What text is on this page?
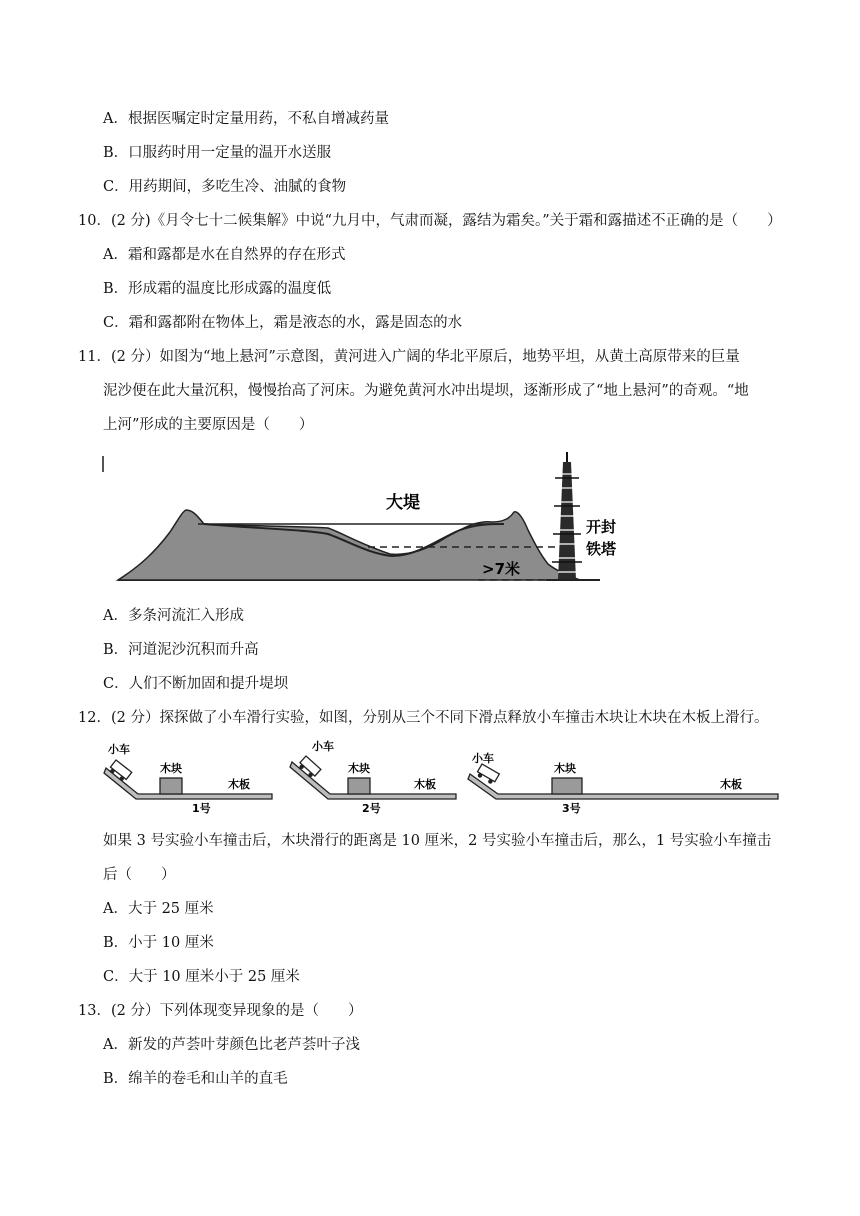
A．根据医嘱定时定量用药，不私自增减药量
B．口服药时用一定量的温开水送服
C．用药期间，多吃生冷、油腻的食物
10．(2 分)《月令七十二候集解》中说“九月中，气肃而凝，露结为霜矣。”关于霜和露描述不正确的是（　　）
A．霜和露都是水在自然界的存在形式
B．形成霜的温度比形成露的温度低
C．霜和露都附在物体上，霜是液态的水，露是固态的水
11．(2 分）如图为“地上悬河”示意图，黄河进入广阔的华北平原后，地势平坦，从黄土高原带来的巨量
泥沙便在此大量沉积，慢慢抬高了河床。为避免黄河水冲出堤坝，逐渐形成了“地上悬河”的奇观。“地
上河”形成的主要原因是（　　）
大堤
开封
铁塔
>7米
A．多条河流汇入形成
B．河道泥沙沉积而升高
C．人们不断加固和提升堤坝
12．(2 分）探探做了小车滑行实验，如图，分别从三个不同下滑点释放小车撞击木块让木块在木板上滑行。
小车
木块
木板
1号
小车
木块
木板
2号
小车
木块
木板
3号
如果 3 号实验小车撞击后，木块滑行的距离是 10 厘米，2 号实验小车撞击后，那么，1 号实验小车撞击
后（　　）
A．大于 25 厘米
B．小于 10 厘米
C．大于 10 厘米小于 25 厘米
13．(2 分）下列体现变异现象的是（　　）
A．新发的芦荟叶芽颜色比老芦荟叶子浅
B．绵羊的卷毛和山羊的直毛
